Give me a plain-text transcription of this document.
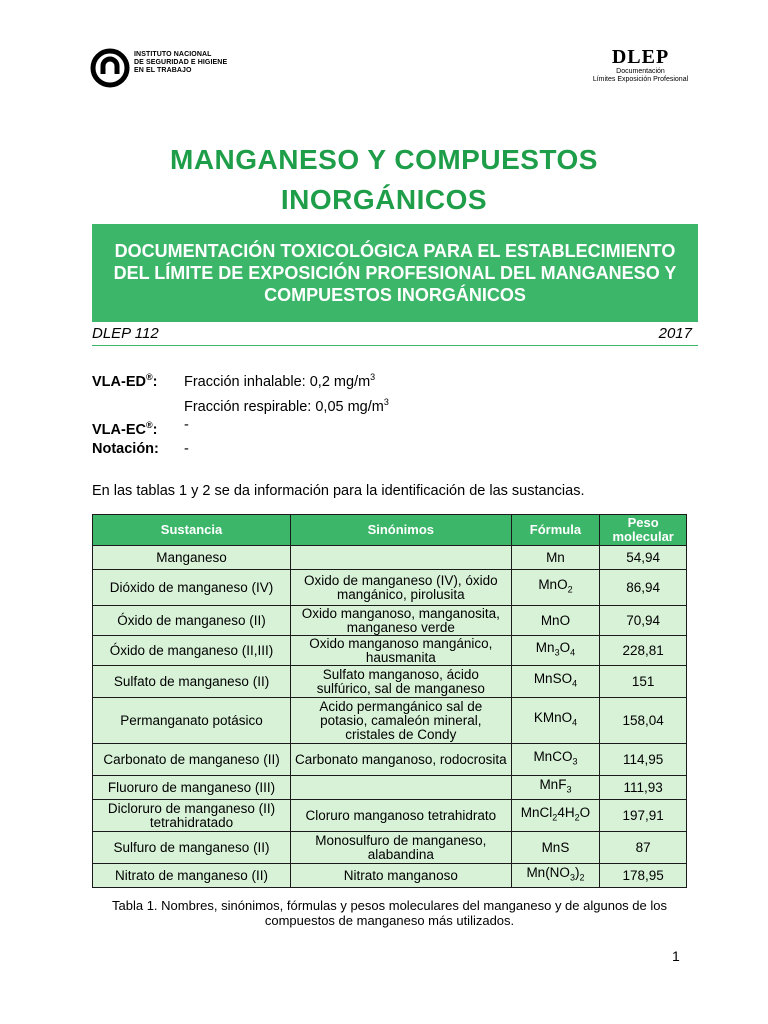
INSTITUTO NACIONAL
DE SEGURIDAD E HIGIENE
EN EL TRABAJO
DLEP
Documentación
Límites Exposición Profesional
MANGANESO Y COMPUESTOS
INORGÁNICOS
DOCUMENTACIÓN TOXICOLÓGICA PARA EL ESTABLECIMIENTO DEL LÍMITE DE EXPOSICIÓN PROFESIONAL DEL MANGANESO Y COMPUESTOS INORGÁNICOS
DLEP 112	2017
VLA-ED®: Fracción inhalable: 0,2 $mg/m^3$
Fracción respirable: 0,05 $mg/m^3$
VLA-EC®: -
Notación: -
En las tablas 1 y 2 se da información para la identificación de las sustancias.
Sustancia	Sinónimos	Fórmula	Peso molecular
Manganeso		Mn	54,94
Dióxido de manganeso (IV)	Oxido de manganeso (IV), óxido mangánico, pirolusita	MnO$_2$	86,94
Óxido de manganeso (II)	Oxido manganoso, manganosita, manganeso verde	MnO	70,94
Óxido de manganeso (II,III)	Oxido manganoso mangánico, hausmanita	$Mn_3O_4$	228,81
Sulfato de manganeso (II)	Sulfato manganoso, ácido sulfúrico, sal de manganeso	MnSO$_4$	151
Permanganato potásico	Acido permangánico sal de potasio, camaleón mineral, cristales de Condy	KMnO$_4$	158,04
Carbonato de manganeso (II)	Carbonato manganoso, rodocrosita	MnCO$_3$	114,95
Fluoruro de manganeso (III)		MnF$_3$	111,93
Dicloruro de manganeso (II) tetrahidratado	Cloruro manganoso tetrahidrato	$MnCl_24H_2O$	197,91
Sulfuro de manganeso (II)	Monosulfuro de manganeso, alabandina	MnS	87
Nitrato de manganeso (II)	Nitrato manganoso	$Mn(NO_3)_2$	178,95
Tabla 1. Nombres, sinónimos, fórmulas y pesos moleculares del manganeso y de algunos de los compuestos de manganeso más utilizados.
1
